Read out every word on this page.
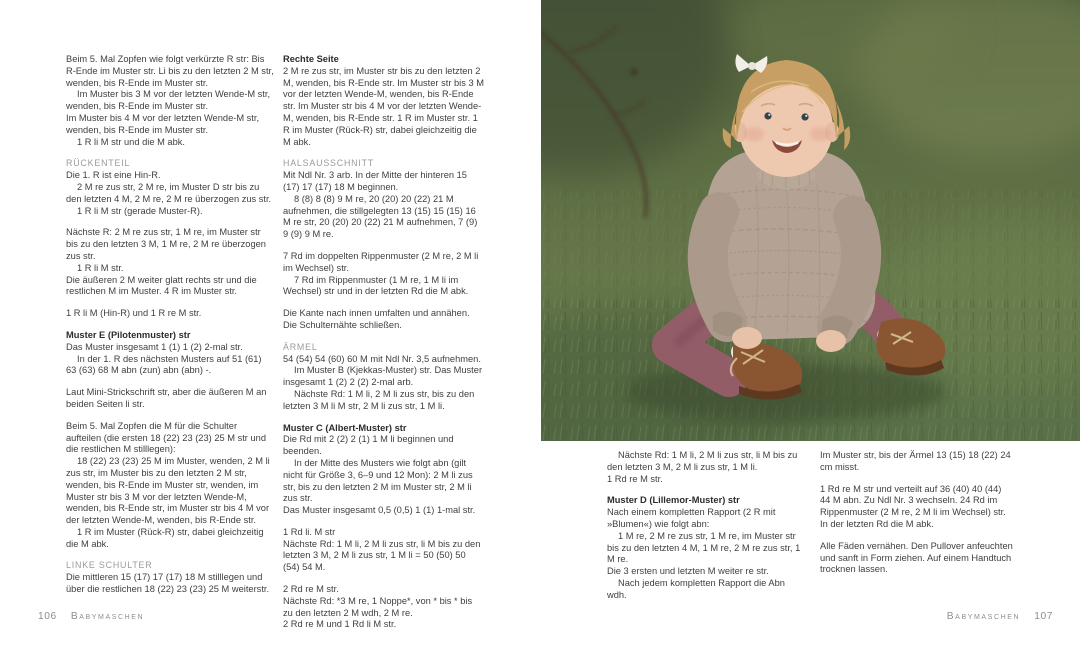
Beim 5. Mal Zopfen wie folgt verkürzte R str: Bis R-Ende im Muster str. Li bis zu den letzten 2 M str, wenden, bis R-Ende im Muster str.

Im Muster bis 3 M vor der letzten Wende-M str, wenden, bis R-Ende im Muster str.

Im Muster bis 4 M vor der letzten Wende-M str, wenden, bis R-Ende im Muster str.

1 R li M str und die M abk.

RÜCKENTEIL

Die 1. R ist eine Hin-R.

2 M re zus str, 2 M re, im Muster D str bis zu den letzten 4 M, 2 M re, 2 M re überzogen zus str.

1 R li M str (gerade Muster-R).

Nächste R: 2 M re zus str, 1 M re, im Muster str bis zu den letzten 3 M, 1 M re, 2 M re überzogen zus str.

1 R li M str.

Die äußeren 2 M weiter glatt rechts str und die restlichen M im Muster. 4 R im Muster str.

1 R li M (Hin-R) und 1 R re M str.

Muster E (Pilotenmuster) str

Das Muster insgesamt 1 (1) 1 (2) 2-mal str.

In der 1. R des nächsten Musters auf 51 (61) 63 (63) 68 M abn (zun) abn (abn) -.

Laut Mini-Strickschrift str, aber die äußeren M an beiden Seiten li str.

Beim 5. Mal Zopfen die M für die Schulter aufteilen (die ersten 18 (22) 23 (23) 25 M str und die restlichen M stilllegen):

18 (22) 23 (23) 25 M im Muster, wenden, 2 M li zus str, im Muster bis zu den letzten 2 M str, wenden, bis R-Ende im Muster str, wenden, im Muster str bis 3 M vor der letzten Wende-M, wenden, bis R-Ende str, im Muster str bis 4 M vor der letzten Wende-M, wenden, bis R-Ende str.

1 R im Muster (Rück-R) str, dabei gleichzeitig die M abk.

LINKE SCHULTER

Die mittleren 15 (17) 17 (17) 18 M stilllegen und über die restlichen 18 (22) 23 (23) 25 M weiterstr.

Rechte Seite

2 M re zus str, im Muster str bis zu den letzten 2 M, wenden, bis R-Ende str. Im Muster str bis 3 M vor der letzten Wende-M, wenden, bis R-Ende str. Im Muster str bis 4 M vor der letzten Wende-M, wenden, bis R-Ende str. 1 R im Muster str. 1 R im Muster (Rück-R) str, dabei gleichzeitig die M abk.

HALSAUSSCHNITT

Mit Ndl Nr. 3 arb. In der Mitte der hinteren 15 (17) 17 (17) 18 M beginnen.

8 (8) 8 (8) 9 M re, 20 (20) 20 (22) 21 M aufnehmen, die stillgelegten 13 (15) 15 (15) 16 M re str, 20 (20) 20 (22) 21 M aufnehmen, 7 (9) 9 (9) 9 M re.

7 Rd im doppelten Rippenmuster (2 M re, 2 M li im Wechsel) str.

7 Rd im Rippenmuster (1 M re, 1 M li im Wechsel) str und in der letzten Rd die M abk.

Die Kante nach innen umfalten und annähen. Die Schulternähte schließen.

ÄRMEL

54 (54) 54 (60) 60 M mit Ndl Nr. 3,5 aufnehmen.

Im Muster B (Kjekkas-Muster) str. Das Muster insgesamt 1 (2) 2 (2) 2-mal arb.

Nächste Rd: 1 M li, 2 M li zus str, bis zu den letzten 3 M li M str, 2 M li zus str, 1 M li.

Muster C (Albert-Muster) str

Die Rd mit 2 (2) 2 (1) 1 M li beginnen und beenden.

In der Mitte des Musters wie folgt abn (gilt nicht für Größe 3, 6–9 und 12 Mon): 2 M li zus str, bis zu den letzten 2 M im Muster str, 2 M li zus str.

Das Muster insgesamt 0,5 (0,5) 1 (1) 1-mal str.

1 Rd li. M str

Nächste Rd: 1 M li, 2 M li zus str, li M bis zu den letzten 3 M, 2 M li zus str, 1 M li = 50 (50) 50 (54) 54 M.

2 Rd re M str.

Nächste Rd: *3 M re, 1 Noppe*, von * bis * bis zu den letzten 2 M wdh, 2 M re.

2 Rd re M und 1 Rd li M str.

Nächste Rd: 1 M li, 2 M li zus str, li M bis zu den letzten 3 M, 2 M li zus str, 1 M li.

1 Rd re M str.

Muster D (Lillemor-Muster) str

Nach einem kompletten Rapport (2 R mit »Blumen«) wie folgt abn:

1 M re, 2 M re zus str, 1 M re, im Muster str bis zu den letzten 4 M, 1 M re, 2 M re zus str, 1 M re.

Die 3 ersten und letzten M weiter re str.

Nach jedem kompletten Rapport die Abn wdh.

Im Muster str, bis der Ärmel 13 (15) 18 (22) 24 cm misst.

1 Rd re M str und verteilt auf 36 (40) 40 (44) 44 M abn. Zu Ndl Nr. 3 wechseln. 24 Rd im Rippenmuster (2 M re, 2 M li im Wechsel) str. In der letzten Rd die M abk.

Alle Fäden vernähen. Den Pullover anfeuchten und sanft in Form ziehen. Auf einem Handtuch trocknen lassen.

106 Babymaschen	Babymaschen 107
